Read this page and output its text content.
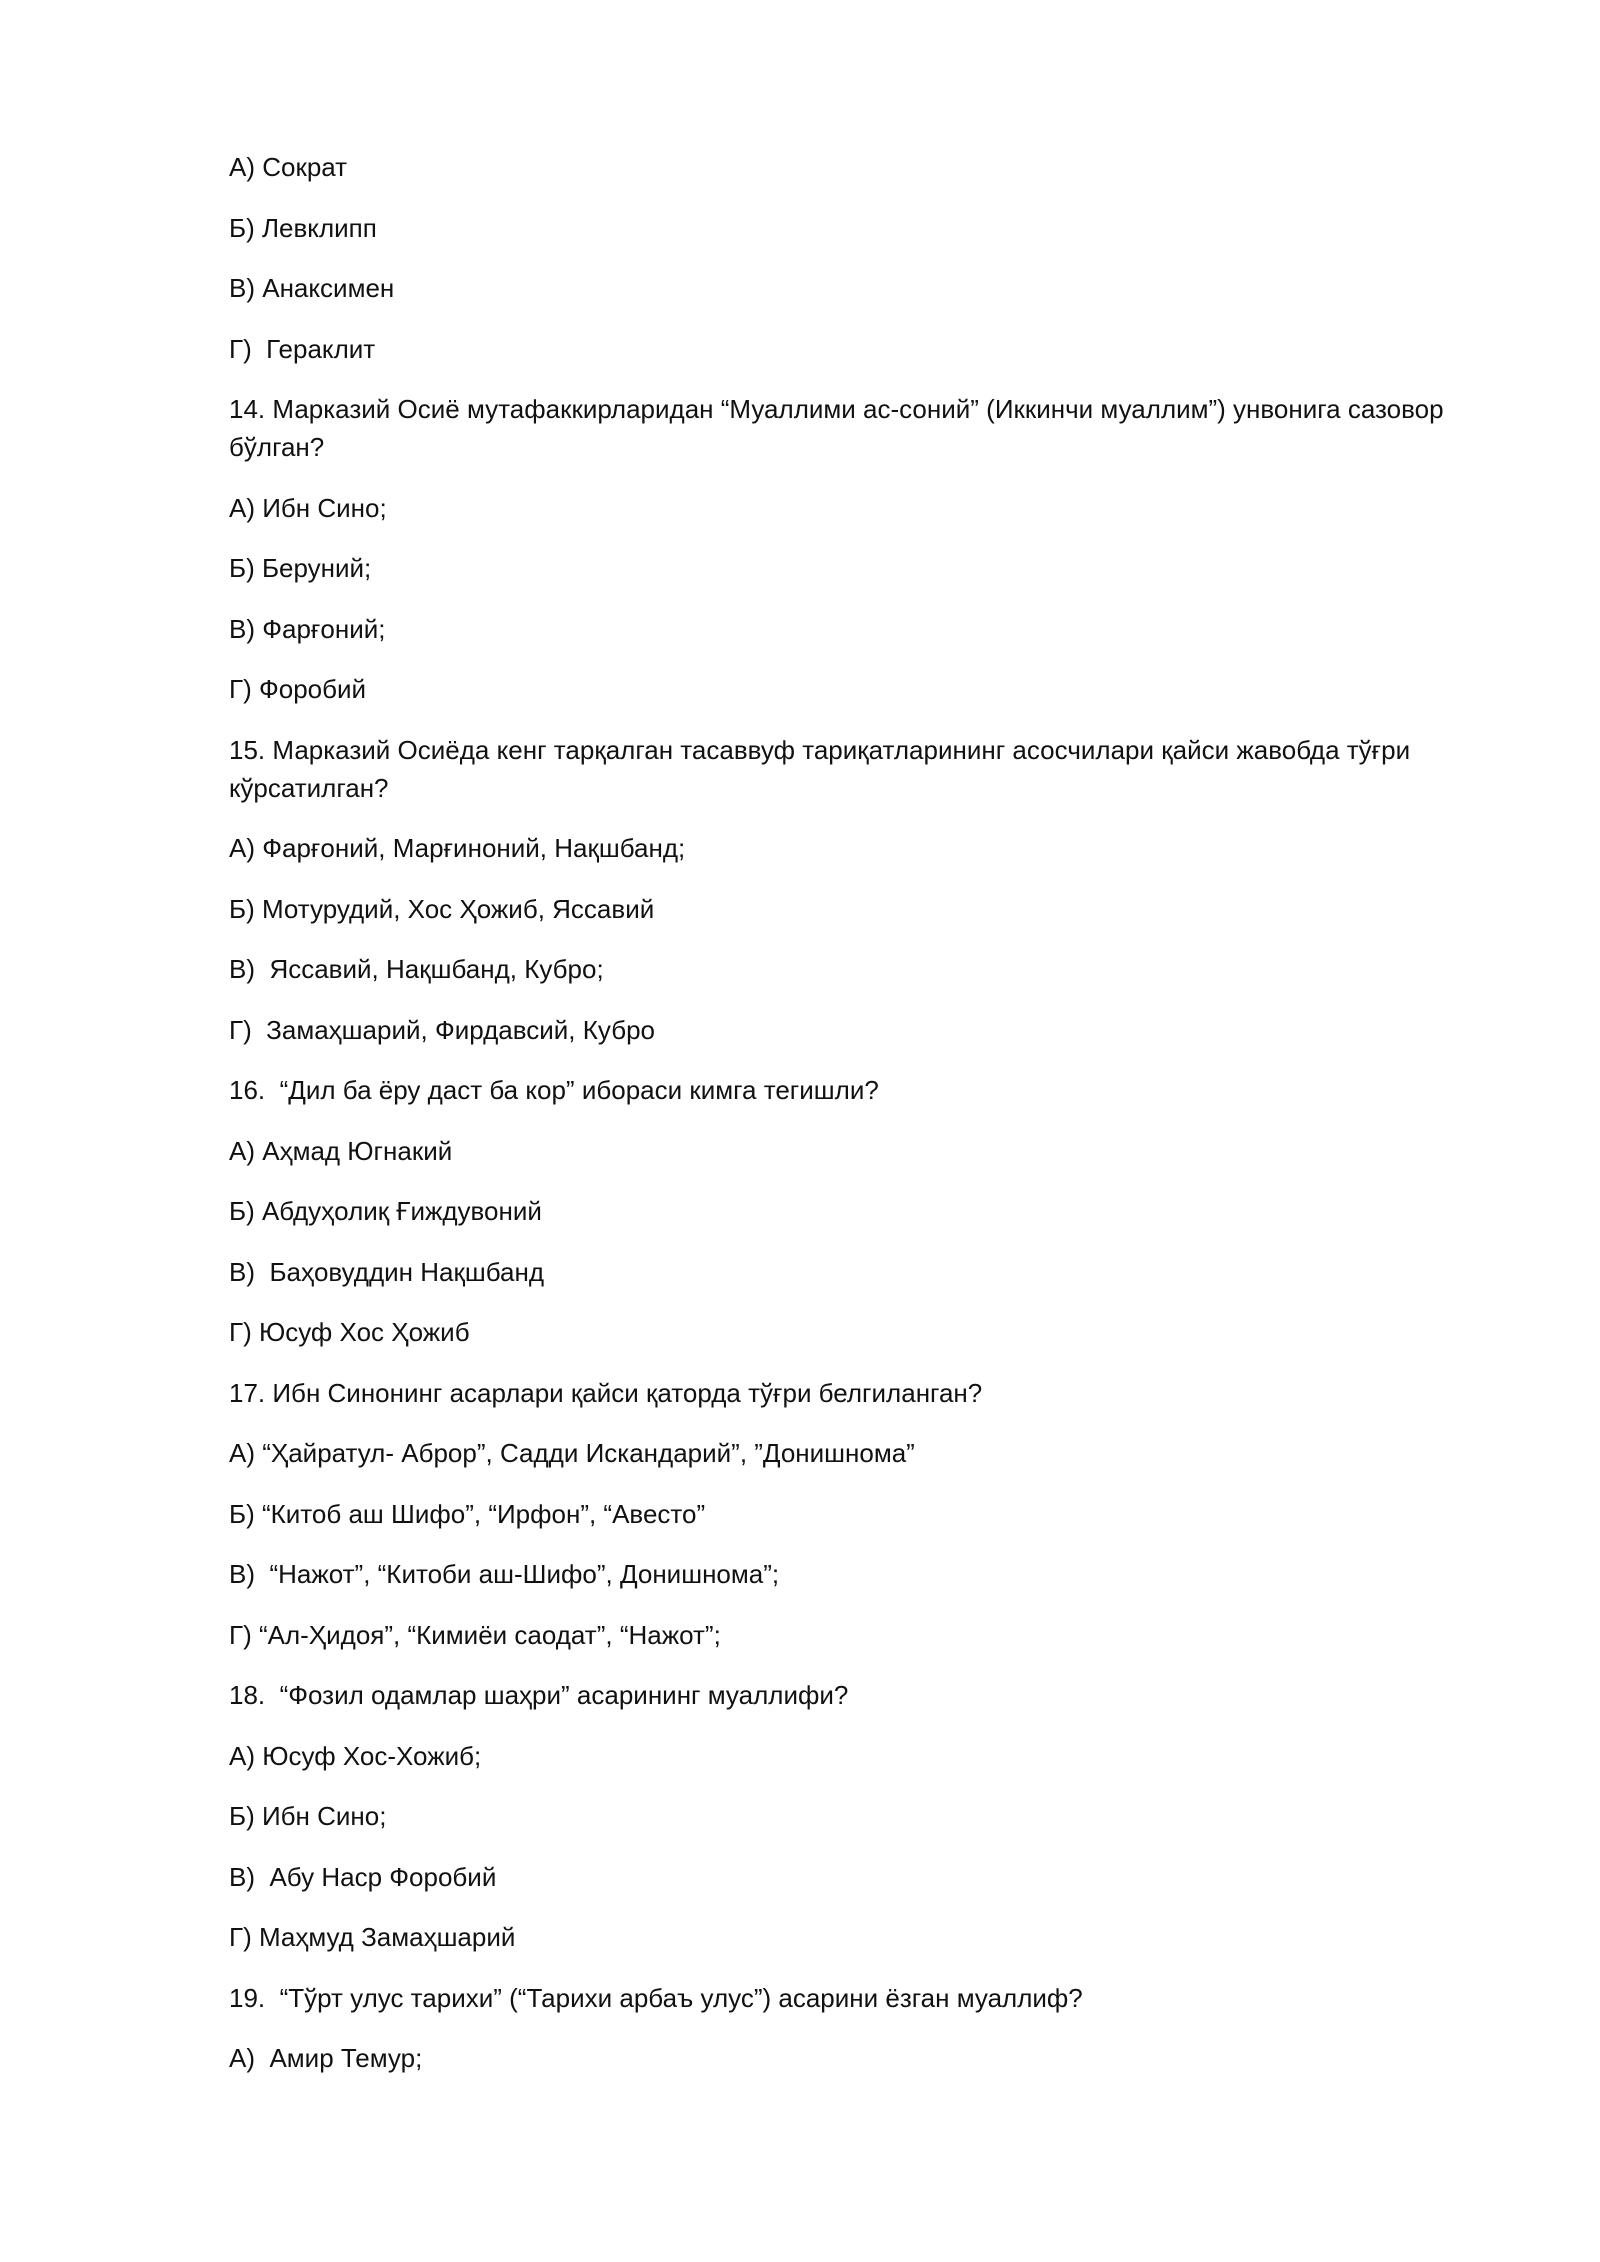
А) Сократ
Б) Левклипп
В) Анаксимен
Г)  Гераклит
14. Марказий Осиё мутафаккирларидан “Муаллими ас-соний” (Иккинчи муаллим”) унвонига сазовор бўлган?
А) Ибн Сино;
Б) Беруний;
В) Фарғоний;
Г) Форобий
15. Марказий Осиёда кенг тарқалган тасаввуф тариқатларининг асосчилари қайси жавобда тўғри кўрсатилган?
А) Фарғоний, Марғиноний, Нақшбанд;
Б) Мотурудий, Хос Ҳожиб, Яссавий
В)  Яссавий, Нақшбанд, Кубро;
Г)  Замаҳшарий, Фирдавсий, Кубро
16.  “Дил ба ёру даст ба кор” ибораси кимга тегишли?
А) Аҳмад Югнакий
Б) Абдуҳолиқ Ғиждувоний
В)  Баҳовуддин Нақшбанд
Г) Юсуф Хос Ҳожиб
17. Ибн Синонинг асарлари қайси қаторда тўғри белгиланган?
А) “Ҳайратул- Аброр”, Садди Искандарий”, ”Донишнома”
Б) “Китоб аш Шифо”, “Ирфон”, “Авесто”
В)  “Нажот”, “Китоби аш-Шифо”, Донишнома”;
Г) “Ал-Ҳидоя”, “Кимиёи саодат”, “Нажот”;
18.  “Фозил одамлар шаҳри” асарининг муаллифи?
А) Юсуф Хос-Хожиб;
Б) Ибн Сино;
В)  Абу Наср Форобий
Г) Маҳмуд Замаҳшарий
19.  “Тўрт улус тарихи” (“Тарихи арбаъ улус”) асарини ёзган муаллиф?
А)  Амир Темур;
